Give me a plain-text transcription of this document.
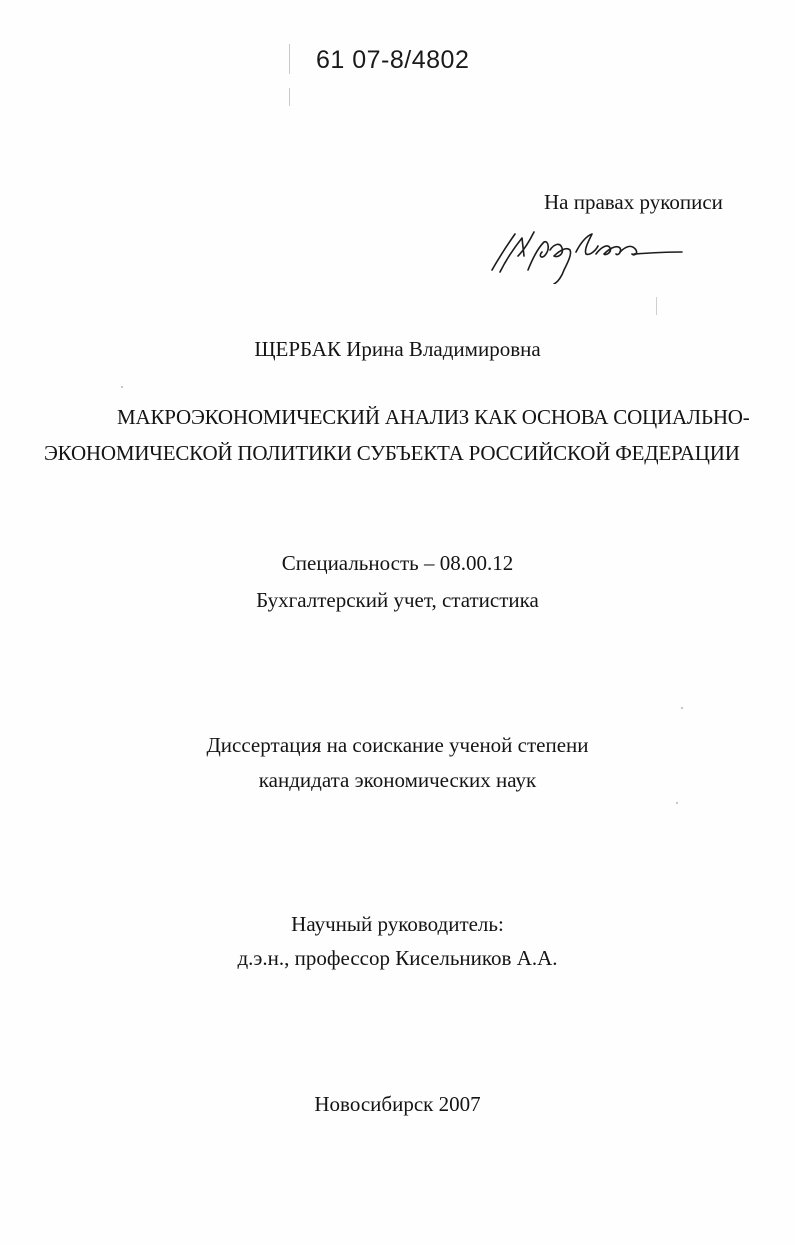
61 07-8/4802
На правах рукописи
ЩЕРБАК Ирина Владимировна
МАКРОЭКОНОМИЧЕСКИЙ АНАЛИЗ КАК ОСНОВА СОЦИАЛЬНО-
ЭКОНОМИЧЕСКОЙ ПОЛИТИКИ СУБЪЕКТА РОССИЙСКОЙ ФЕДЕРАЦИИ
Специальность – 08.00.12
Бухгалтерский учет, статистика
Диссертация на соискание ученой степени
кандидата экономических наук
Научный руководитель:
д.э.н., профессор Кисельников А.А.
Новосибирск 2007
